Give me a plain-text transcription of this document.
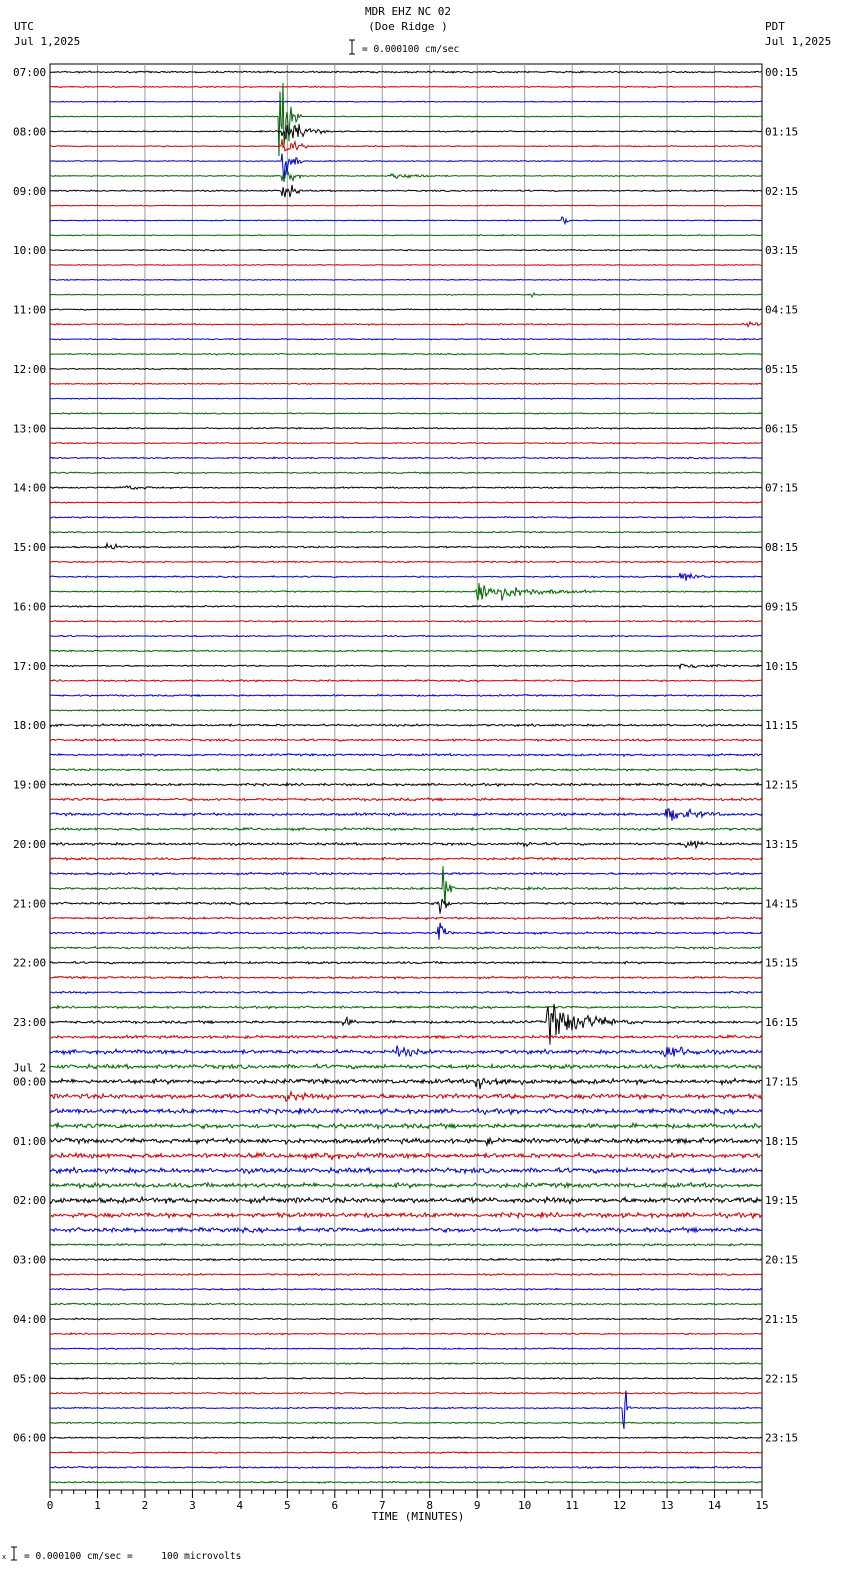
MDR EHZ NC 02
(Doe Ridge )
= 0.000100 cm/sec
UTC
Jul 1,2025
PDT
Jul 1,2025
07:00
08:00
09:00
10:00
11:00
12:00
13:00
14:00
15:00
16:00
17:00
18:00
19:00
20:00
21:00
22:00
23:00
00:00
Jul 2
01:00
02:00
03:00
04:00
05:00
06:00
00:15
01:15
02:15
03:15
04:15
05:15
06:15
07:15
08:15
09:15
10:15
11:15
12:15
13:15
14:15
15:15
16:15
17:15
18:15
19:15
20:15
21:15
22:15
23:15
0	1	2	3	4	5	6	7	8	9	10	11	12	13	14	15
TIME (MINUTES)
x = 0.000100 cm/sec =     100 microvolts
